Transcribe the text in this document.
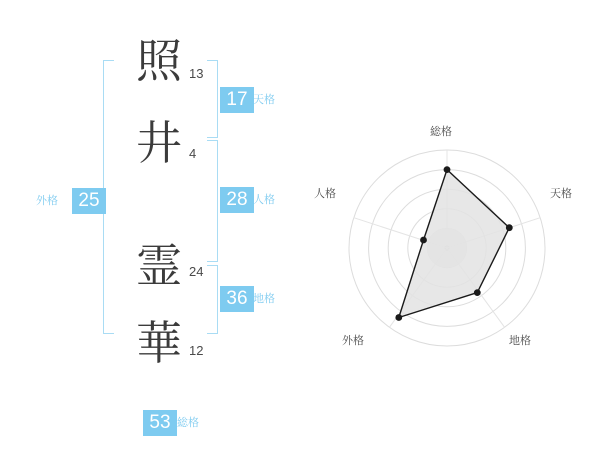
外格	25
照 13
井 4
霊 24
華 12
17 天格
28 人格
36 地格
53 総格
総格
天格
地格
外格
人格
